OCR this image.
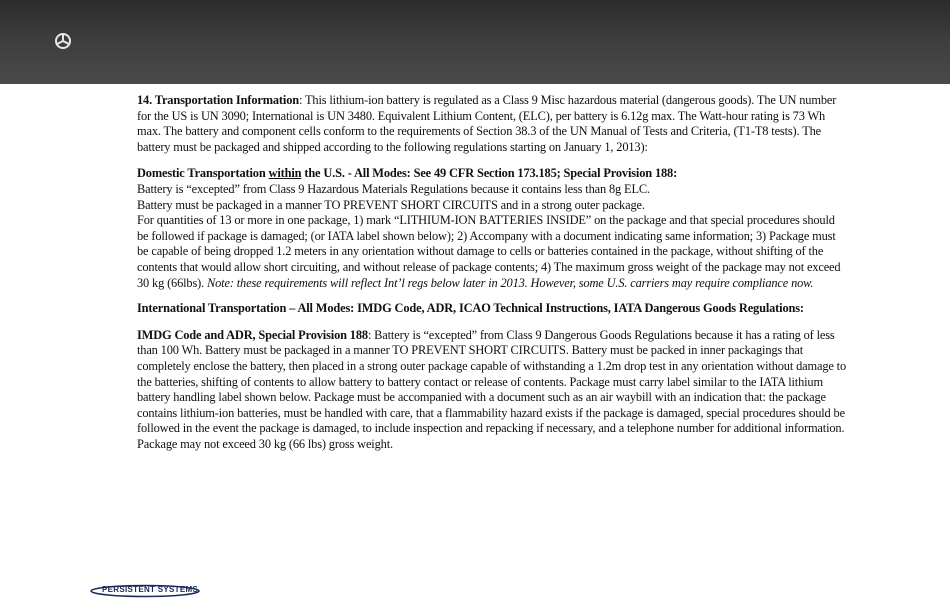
14. Transportation Information: This lithium-ion battery is regulated as a Class 9 Misc hazardous material (dangerous goods). The UN number for the US is UN 3090; International is UN 3480. Equivalent Lithium Content, (ELC), per battery is 6.12g max. The Watt-hour rating is 73 Wh max. The battery and component cells conform to the requirements of Section 38.3 of the UN Manual of Tests and Criteria, (T1-T8 tests). The battery must be packaged and shipped according to the following regulations starting on January 1, 2013):

Domestic Transportation within the U.S. - All Modes: See 49 CFR Section 173.185; Special Provision 188:
Battery is “excepted” from Class 9 Hazardous Materials Regulations because it contains less than 8g ELC.
Battery must be packaged in a manner TO PREVENT SHORT CIRCUITS and in a strong outer package.
For quantities of 13 or more in one package, 1) mark “LITHIUM-ION BATTERIES INSIDE” on the package and that special procedures should be followed if package is damaged; (or IATA label shown below); 2) Accompany with a document indicating same information; 3) Package must be capable of being dropped 1.2 meters in any orientation without damage to cells or batteries contained in the package, without shifting of the contents that would allow short circuiting, and without release of package contents; 4) The maximum gross weight of the package may not exceed 30 kg (66lbs). Note: these requirements will reflect Int’l regs below later in 2013. However, some U.S. carriers may require compliance now.

International Transportation – All Modes: IMDG Code, ADR, ICAO Technical Instructions, IATA Dangerous Goods Regulations:

IMDG Code and ADR, Special Provision 188: Battery is “excepted” from Class 9 Dangerous Goods Regulations because it has a rating of less than 100 Wh. Battery must be packaged in a manner TO PREVENT SHORT CIRCUITS. Battery must be packed in inner packagings that completely enclose the battery, then placed in a strong outer package capable of withstanding a 1.2m drop test in any orientation without damage to the batteries, shifting of contents to allow battery to battery contact or release of contents. Package must carry label similar to the IATA lithium battery handling label shown below. Package must be accompanied with a document such as an air waybill with an indication that: the package contains lithium-ion batteries, must be handled with care, that a flammability hazard exists if the package is damaged, special procedures should be followed in the event the package is damaged, to include inspection and repacking if necessary, and a telephone number for additional information. Package may not exceed 30 kg (66 lbs) gross weight.

PERSISTENT SYSTEMS
